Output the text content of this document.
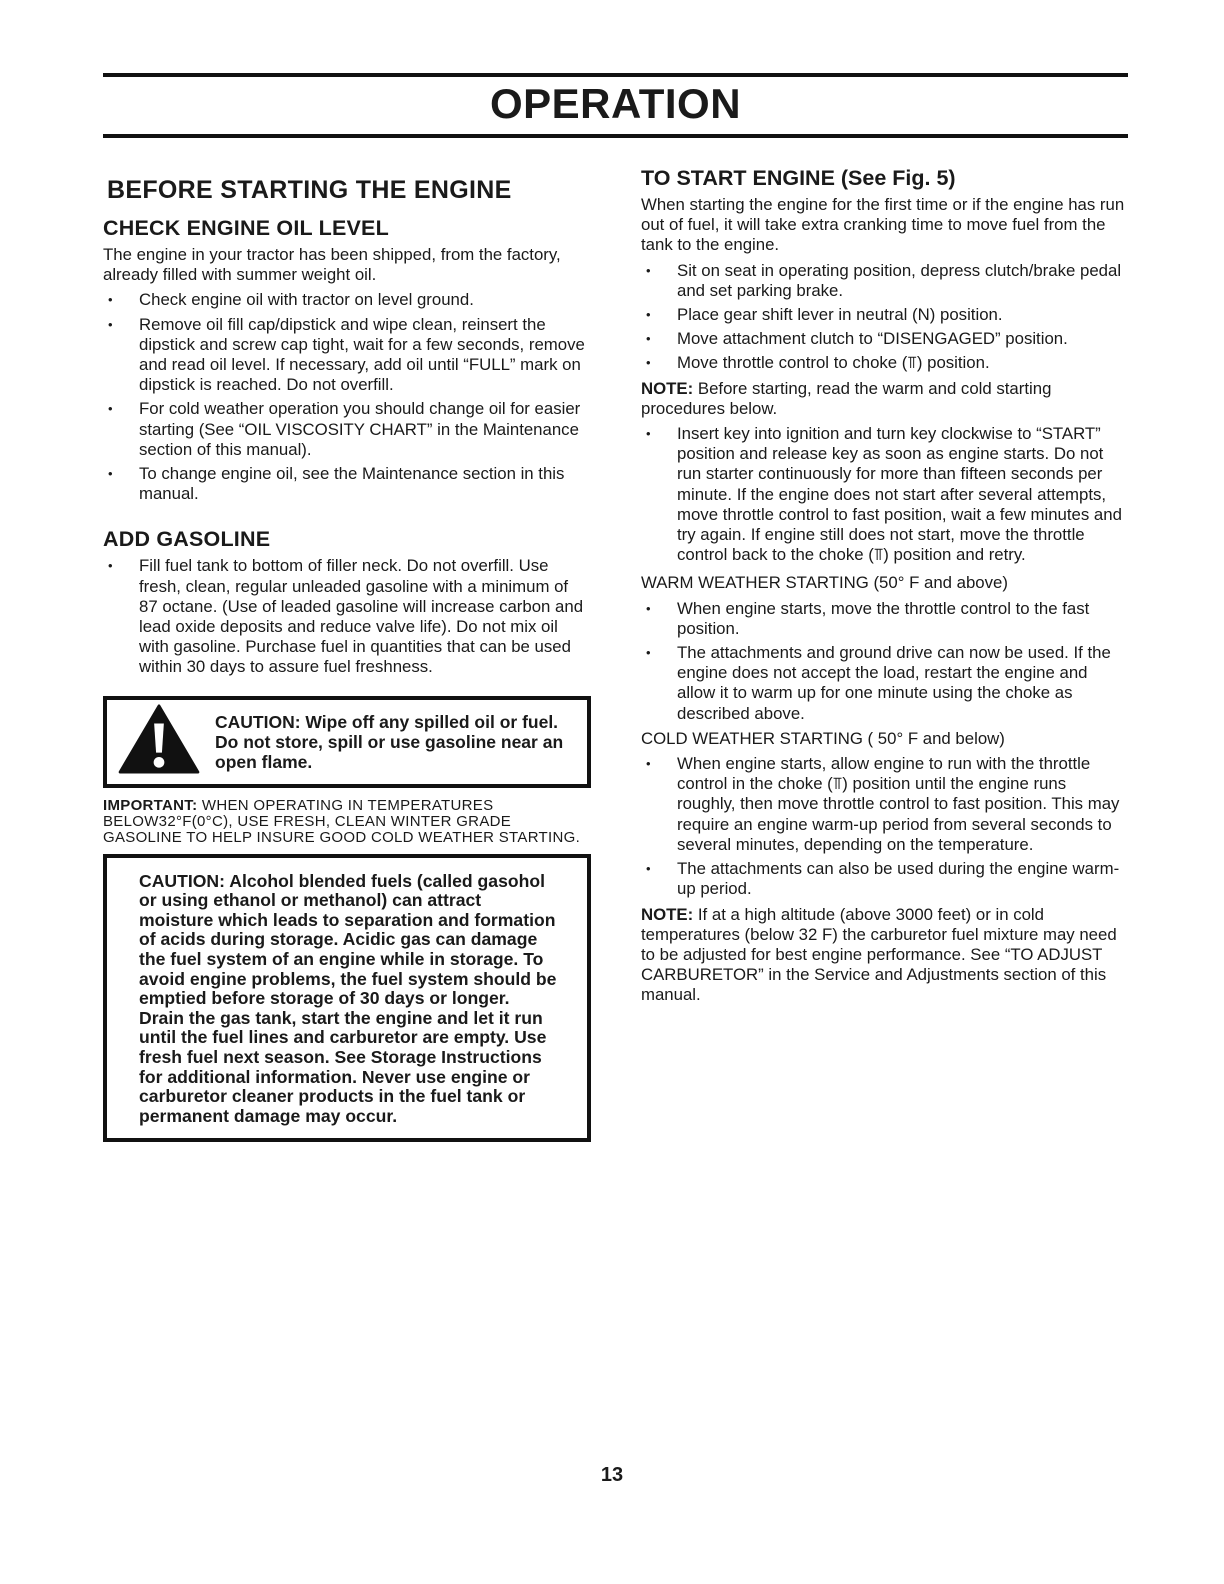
OPERATION
BEFORE STARTING THE ENGINE
CHECK ENGINE OIL LEVEL

The engine in your tractor has been shipped, from the factory, already filled with summer weight oil.

• Check engine oil with tractor on level ground.
• Remove oil fill cap/dipstick and wipe clean, reinsert the dipstick and screw cap tight, wait for a few seconds, remove and read oil level. If necessary, add oil until “FULL” mark on dipstick is reached. Do not overfill.
• For cold weather operation you should change oil for easier starting (See “OIL VISCOSITY CHART” in the Maintenance section of this manual).
• To change engine oil, see the Maintenance section in this manual.
ADD GASOLINE
• Fill fuel tank to bottom of filler neck. Do not overfill. Use fresh, clean, regular unleaded gasoline with a minimum of 87 octane. (Use of leaded gasoline will increase carbon and lead oxide deposits and reduce valve life). Do not mix oil with gasoline. Purchase fuel in quantities that can be used within 30 days to assure fuel freshness.
CAUTION: Wipe off any spilled oil or fuel. Do not store, spill or use gasoline near an open flame.
IMPORTANT: WHEN OPERATING IN TEMPERATURES BELOW32°F(0°C), USE FRESH, CLEAN WINTER GRADE GASOLINE TO HELP INSURE GOOD COLD WEATHER STARTING.
CAUTION: Alcohol blended fuels (called gasohol or using ethanol or methanol) can attract moisture which leads to separation and formation of acids during storage. Acidic gas can damage the fuel system of an engine while in storage. To avoid engine problems, the fuel system should be emptied before storage of 30 days or longer. Drain the gas tank, start the engine and let it run until the fuel lines and carburetor are empty. Use fresh fuel next season. See Storage Instructions for additional information. Never use engine or carburetor cleaner products in the fuel tank or permanent damage may occur.
TO START ENGINE (See Fig. 5)

When starting the engine for the first time or if the engine has run out of fuel, it will take extra cranking time to move fuel from the tank to the engine.

• Sit on seat in operating position, depress clutch/brake pedal and set parking brake.
• Place gear shift lever in neutral (N) position.
• Move attachment clutch to “DISENGAGED” position.
• Move throttle control to choke (⫪) position.

NOTE: Before starting, read the warm and cold starting procedures below.

• Insert key into ignition and turn key clockwise to “START” position and release key as soon as engine starts. Do not run starter continuously for more than fifteen seconds per minute. If the engine does not start after several attempts, move throttle control to fast position, wait a few minutes and try again. If engine still does not start, move the throttle control back to the choke (⫪) position and retry.

WARM WEATHER STARTING (50° F and above)

• When engine starts, move the throttle control to the fast position.
• The attachments and ground drive can now be used. If the engine does not accept the load, restart the engine and allow it to warm up for one minute using the choke as described above.

COLD WEATHER STARTING ( 50° F and below)

• When engine starts, allow engine to run with the throttle control in the choke (⫪) position until the engine runs roughly, then move throttle control to fast position. This may require an engine warm-up period from several seconds to several minutes, depending on the temperature.
• The attachments can also be used during the engine warm-up period.

NOTE: If at a high altitude (above 3000 feet) or in cold temperatures (below 32 F) the carburetor fuel mixture may need to be adjusted for best engine performance. See “TO ADJUST CARBURETOR” in the Service and Adjustments section of this manual.

13
